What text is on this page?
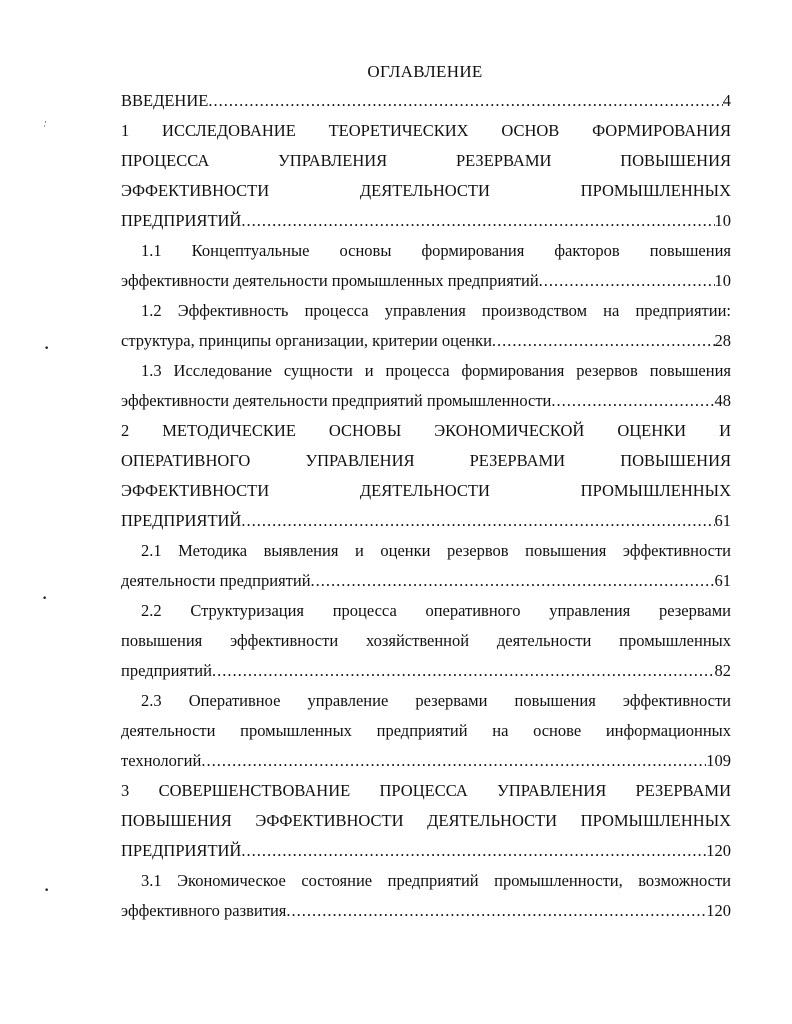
ОГЛАВЛЕНИЕ
ВВЕДЕНИЕ .....	4
1 ИССЛЕДОВАНИЕ ТЕОРЕТИЧЕСКИХ ОСНОВ ФОРМИРОВАНИЯ
ПРОЦЕССА УПРАВЛЕНИЯ РЕЗЕРВАМИ ПОВЫШЕНИЯ
ЭФФЕКТИВНОСТИ ДЕЯТЕЛЬНОСТИ ПРОМЫШЛЕННЫХ
ПРЕДПРИЯТИЙ .....	10
1.1 Концептуальные основы формирования факторов повышения
эффективности деятельности промышленных предприятий .....	10
1.2 Эффективность процесса управления производством на предприятии:
структура, принципы организации, критерии оценки .....	28
1.3 Исследование сущности и процесса формирования резервов повышения
эффективности деятельности предприятий промышленности .....	48
2 МЕТОДИЧЕСКИЕ ОСНОВЫ ЭКОНОМИЧЕСКОЙ ОЦЕНКИ И
ОПЕРАТИВНОГО УПРАВЛЕНИЯ РЕЗЕРВАМИ ПОВЫШЕНИЯ
ЭФФЕКТИВНОСТИ ДЕЯТЕЛЬНОСТИ ПРОМЫШЛЕННЫХ
ПРЕДПРИЯТИЙ .....	61
2.1 Методика выявления и оценки резервов повышения эффективности
деятельности предприятий .....	61
2.2 Структуризация процесса оперативного управления резервами
повышения эффективности хозяйственной деятельности промышленных
предприятий .....	82
2.3 Оперативное управление резервами повышения эффективности
деятельности промышленных предприятий на основе информационных
технологий .....	109
3 СОВЕРШЕНСТВОВАНИЕ ПРОЦЕССА УПРАВЛЕНИЯ РЕЗЕРВАМИ
ПОВЫШЕНИЯ ЭФФЕКТИВНОСТИ ДЕЯТЕЛЬНОСТИ ПРОМЫШЛЕННЫХ
ПРЕДПРИЯТИЙ .....	120
3.1 Экономическое состояние предприятий промышленности, возможности
эффективного развития .....	120
·̣
•
•
•
